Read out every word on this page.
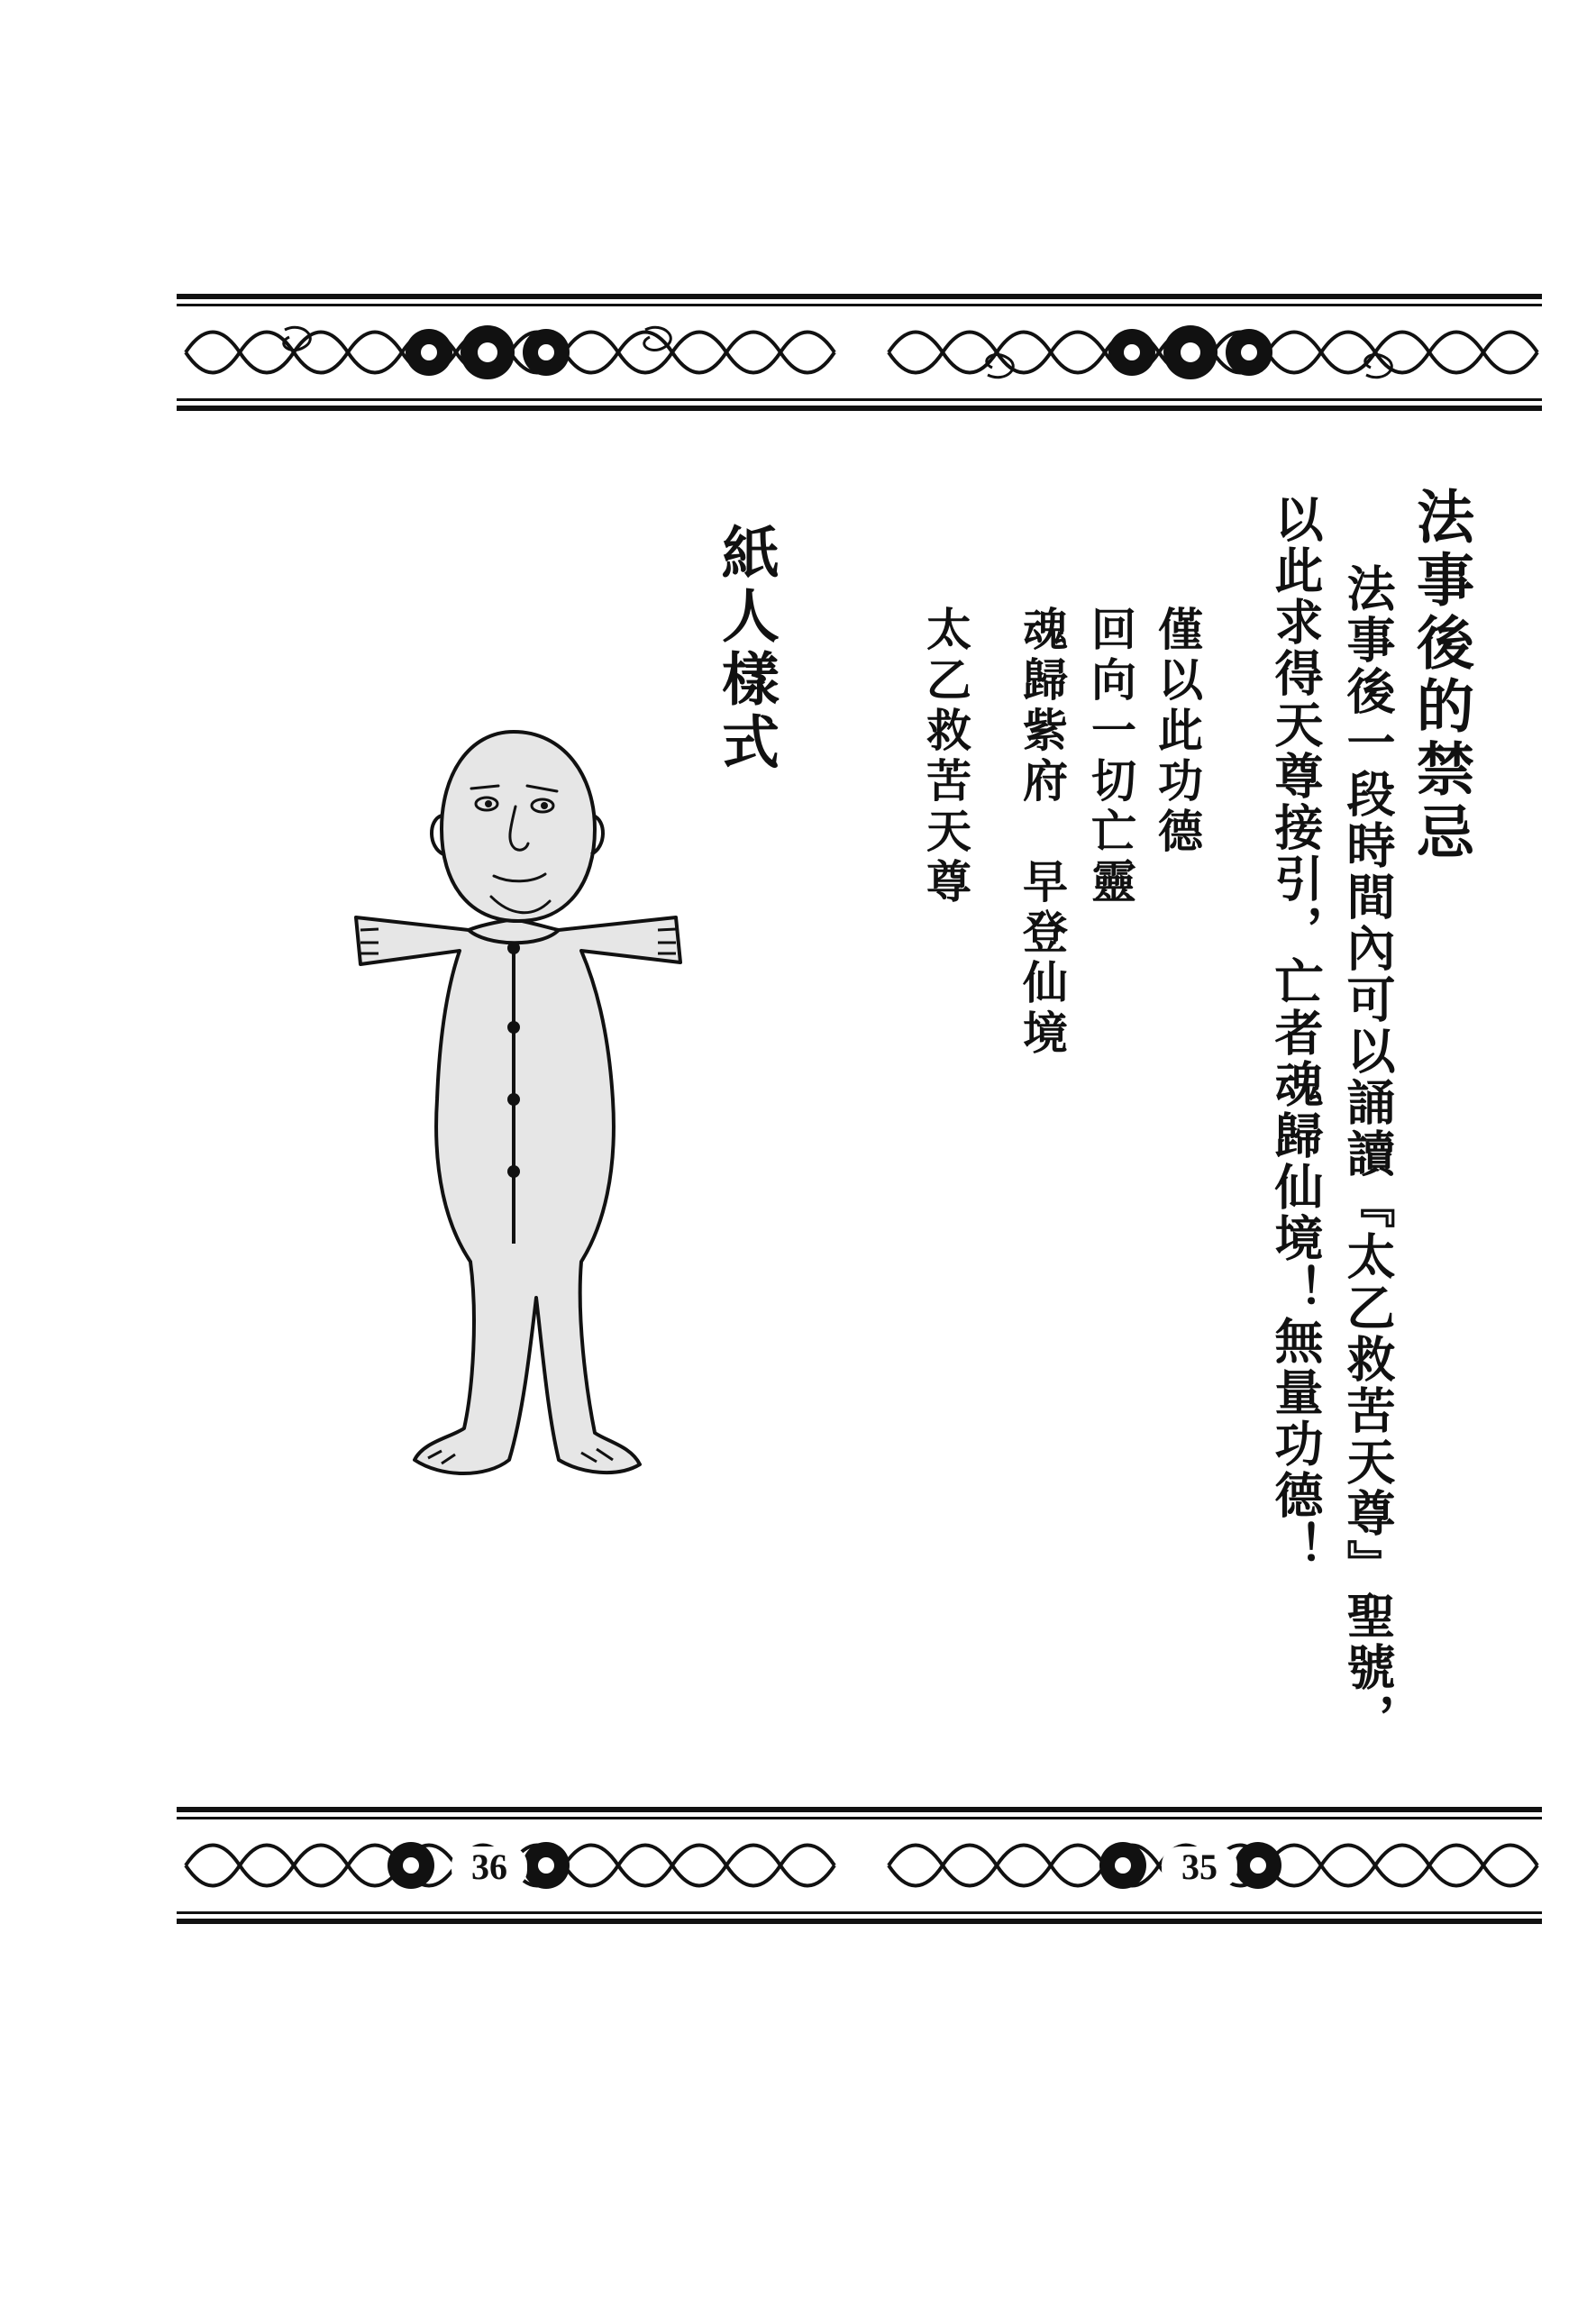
36	35
法事後的禁忌
法事後一段時間內可以誦讀『太乙救苦天尊』聖號，
以此求得天尊接引，亡者魂歸仙境！無量功德！
僅以此功德
回向一切亡靈
魂歸紫府　早登仙境
太乙救苦天尊
紙人樣式
